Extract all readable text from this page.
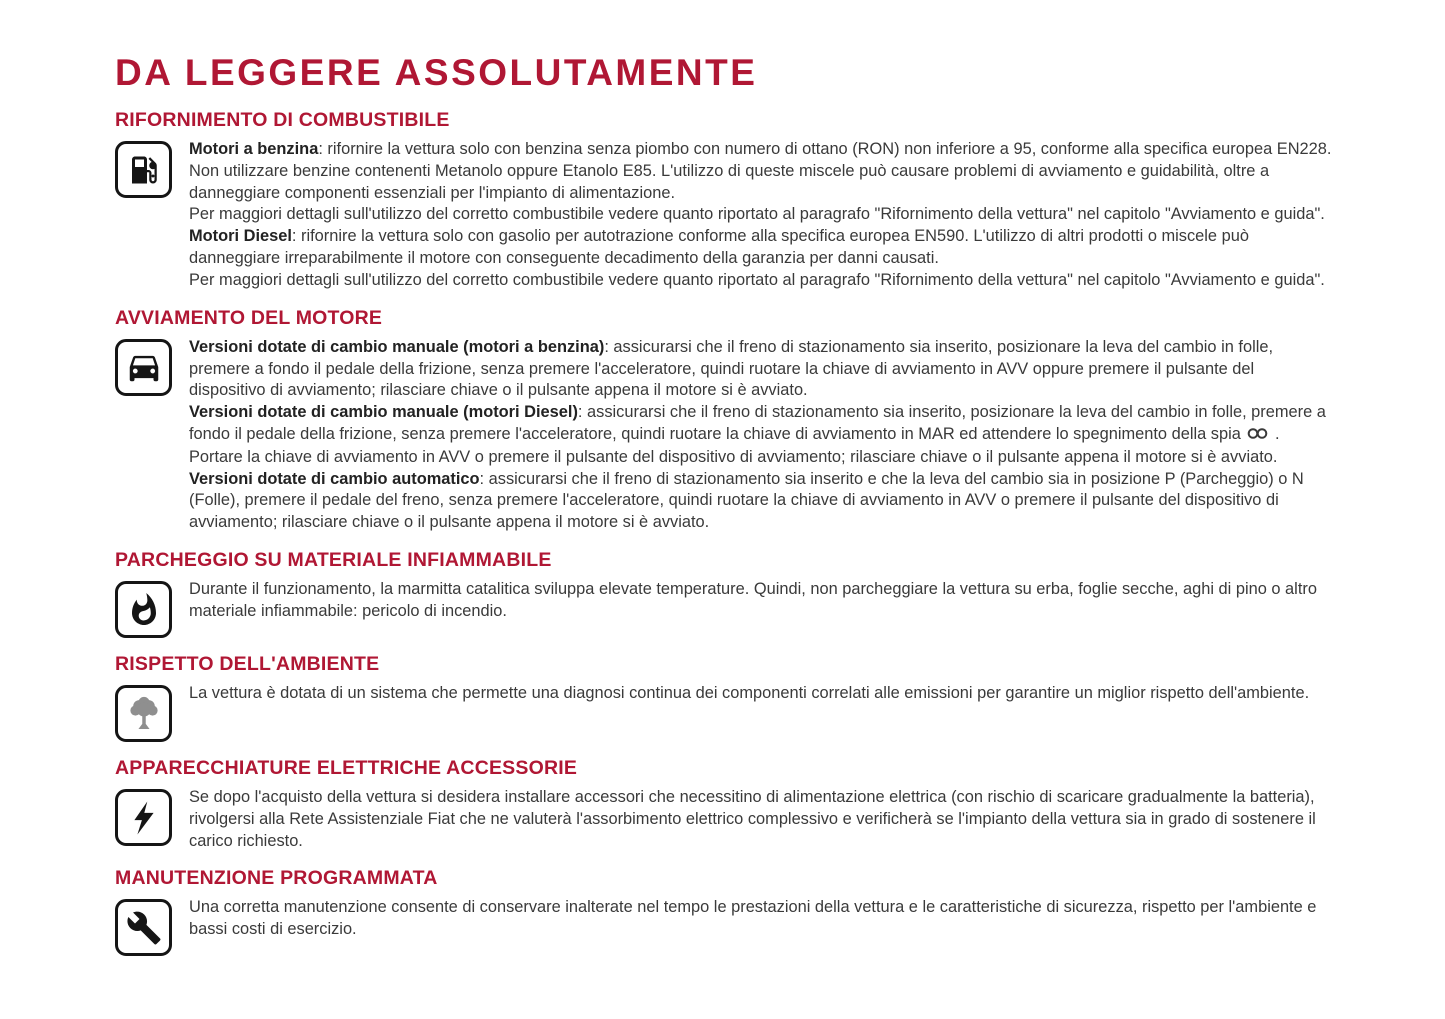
DA LEGGERE ASSOLUTAMENTE
RIFORNIMENTO DI COMBUSTIBILE

Motori a benzina: rifornire la vettura solo con benzina senza piombo con numero di ottano (RON) non inferiore a 95, conforme alla specifica europea EN228. Non utilizzare benzine contenenti Metanolo oppure Etanolo E85. L'utilizzo di queste miscele può causare problemi di avviamento e guidabilità, oltre a danneggiare componenti essenziali per l'impianto di alimentazione.

Per maggiori dettagli sull'utilizzo del corretto combustibile vedere quanto riportato al paragrafo "Rifornimento della vettura" nel capitolo "Avviamento e guida".

Motori Diesel: rifornire la vettura solo con gasolio per autotrazione conforme alla specifica europea EN590. L'utilizzo di altri prodotti o miscele può danneggiare irreparabilmente il motore con conseguente decadimento della garanzia per danni causati.

Per maggiori dettagli sull'utilizzo del corretto combustibile vedere quanto riportato al paragrafo "Rifornimento della vettura" nel capitolo "Avviamento e guida".

AVVIAMENTO DEL MOTORE

Versioni dotate di cambio manuale (motori a benzina): assicurarsi che il freno di stazionamento sia inserito, posizionare la leva del cambio in folle, premere a fondo il pedale della frizione, senza premere l'acceleratore, quindi ruotare la chiave di avviamento in AVV oppure premere il pulsante del dispositivo di avviamento; rilasciare chiave o il pulsante appena il motore si è avviato.

Versioni dotate di cambio manuale (motori Diesel): assicurarsi che il freno di stazionamento sia inserito, posizionare la leva del cambio in folle, premere a fondo il pedale della frizione, senza premere l'acceleratore, quindi ruotare la chiave di avviamento in MAR ed attendere lo spegnimento della spia  . Portare la chiave di avviamento in AVV o premere il pulsante del dispositivo di avviamento; rilasciare chiave o il pulsante appena il motore si è avviato.

Versioni dotate di cambio automatico: assicurarsi che il freno di stazionamento sia inserito e che la leva del cambio sia in posizione P (Parcheggio) o N (Folle), premere il pedale del freno, senza premere l'acceleratore, quindi ruotare la chiave di avviamento in AVV o premere il pulsante del dispositivo di avviamento; rilasciare chiave o il pulsante appena il motore si è avviato.

PARCHEGGIO SU MATERIALE INFIAMMABILE

Durante il funzionamento, la marmitta catalitica sviluppa elevate temperature. Quindi, non parcheggiare la vettura su erba, foglie secche, aghi di pino o altro materiale infiammabile: pericolo di incendio.

RISPETTO DELL'AMBIENTE

La vettura è dotata di un sistema che permette una diagnosi continua dei componenti correlati alle emissioni per garantire un miglior rispetto dell'ambiente.

APPARECCHIATURE ELETTRICHE ACCESSORIE

Se dopo l'acquisto della vettura si desidera installare accessori che necessitino di alimentazione elettrica (con rischio di scaricare gradualmente la batteria), rivolgersi alla Rete Assistenziale Fiat che ne valuterà l'assorbimento elettrico complessivo e verificherà se l'impianto della vettura sia in grado di sostenere il carico richiesto.

MANUTENZIONE PROGRAMMATA

Una corretta manutenzione consente di conservare inalterate nel tempo le prestazioni della vettura e le caratteristiche di sicurezza, rispetto per l'ambiente e bassi costi di esercizio.
